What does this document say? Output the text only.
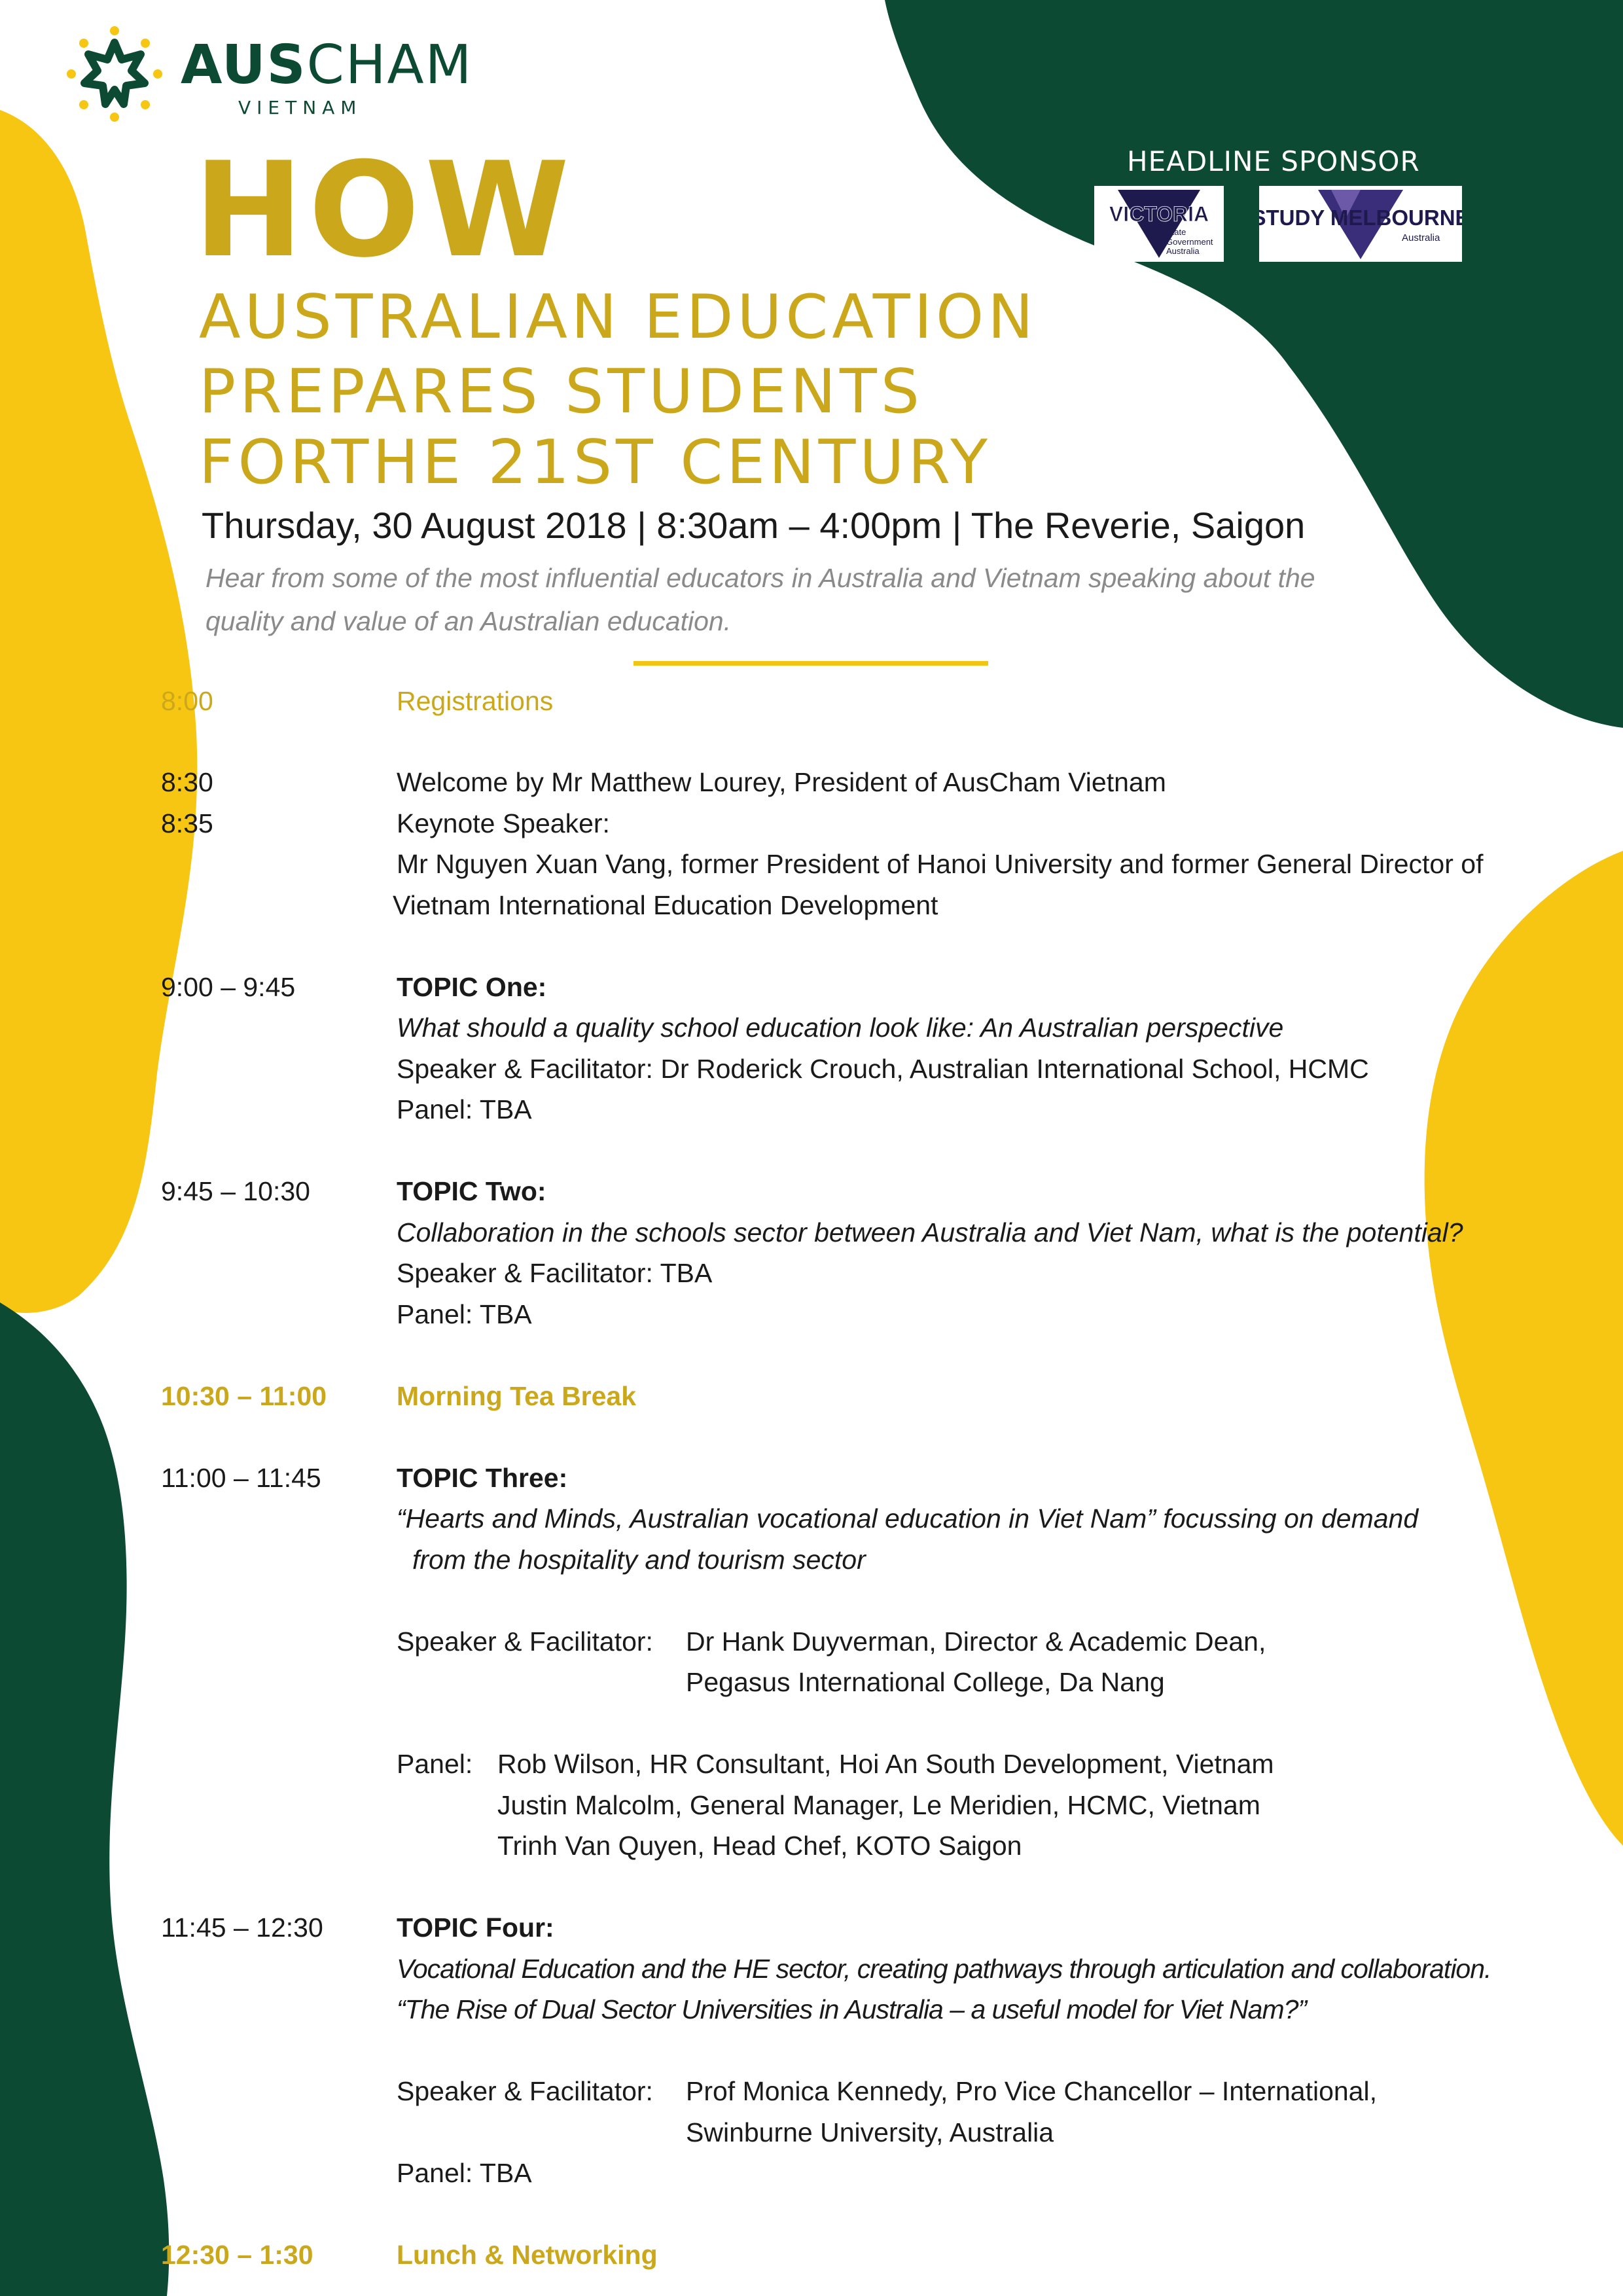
AUSCHAM
VIETNAM
HEADLINE SPONSOR
VICTORIA
State
Government
Australia
STUDY MELBOURNE
Australia
HOW
AUSTRALIAN EDUCATION
PREPARES STUDENTS
FORTHE 21ST CENTURY
Thursday, 30 August 2018 | 8:30am – 4:00pm | The Reverie, Saigon
Hear from some of the most influential educators in Australia and Vietnam speaking about the quality and value of an Australian education.
8:00	Registrations
8:30	Welcome by Mr Matthew Lourey, President of AusCham Vietnam
8:35	Keynote Speaker:
Mr Nguyen Xuan Vang, former President of Hanoi University and former General Director of
Vietnam International Education Development
9:00 – 9:45	TOPIC One:
What should a quality school education look like: An Australian perspective
Speaker & Facilitator: Dr Roderick Crouch, Australian International School, HCMC
Panel: TBA
9:45 – 10:30	TOPIC Two:
Collaboration in the schools sector between Australia and Viet Nam, what is the potential?
Speaker & Facilitator: TBA
Panel: TBA
10:30 – 11:00	Morning Tea Break
11:00 – 11:45	TOPIC Three:
“Hearts and Minds, Australian vocational education in Viet Nam” focussing on demand
from the hospitality and tourism sector
Speaker & Facilitator: Dr Hank Duyverman, Director & Academic Dean,
Pegasus International College, Da Nang
Panel: Rob Wilson, HR Consultant, Hoi An South Development, Vietnam
Justin Malcolm, General Manager, Le Meridien, HCMC, Vietnam
Trinh Van Quyen, Head Chef, KOTO Saigon
11:45 – 12:30	TOPIC Four:
Vocational Education and the HE sector, creating pathways through articulation and collaboration.
“The Rise of Dual Sector Universities in Australia – a useful model for Viet Nam?”
Speaker & Facilitator: Prof Monica Kennedy, Pro Vice Chancellor – International,
Swinburne University, Australia
Panel: TBA
12:30 – 1:30	Lunch & Networking
